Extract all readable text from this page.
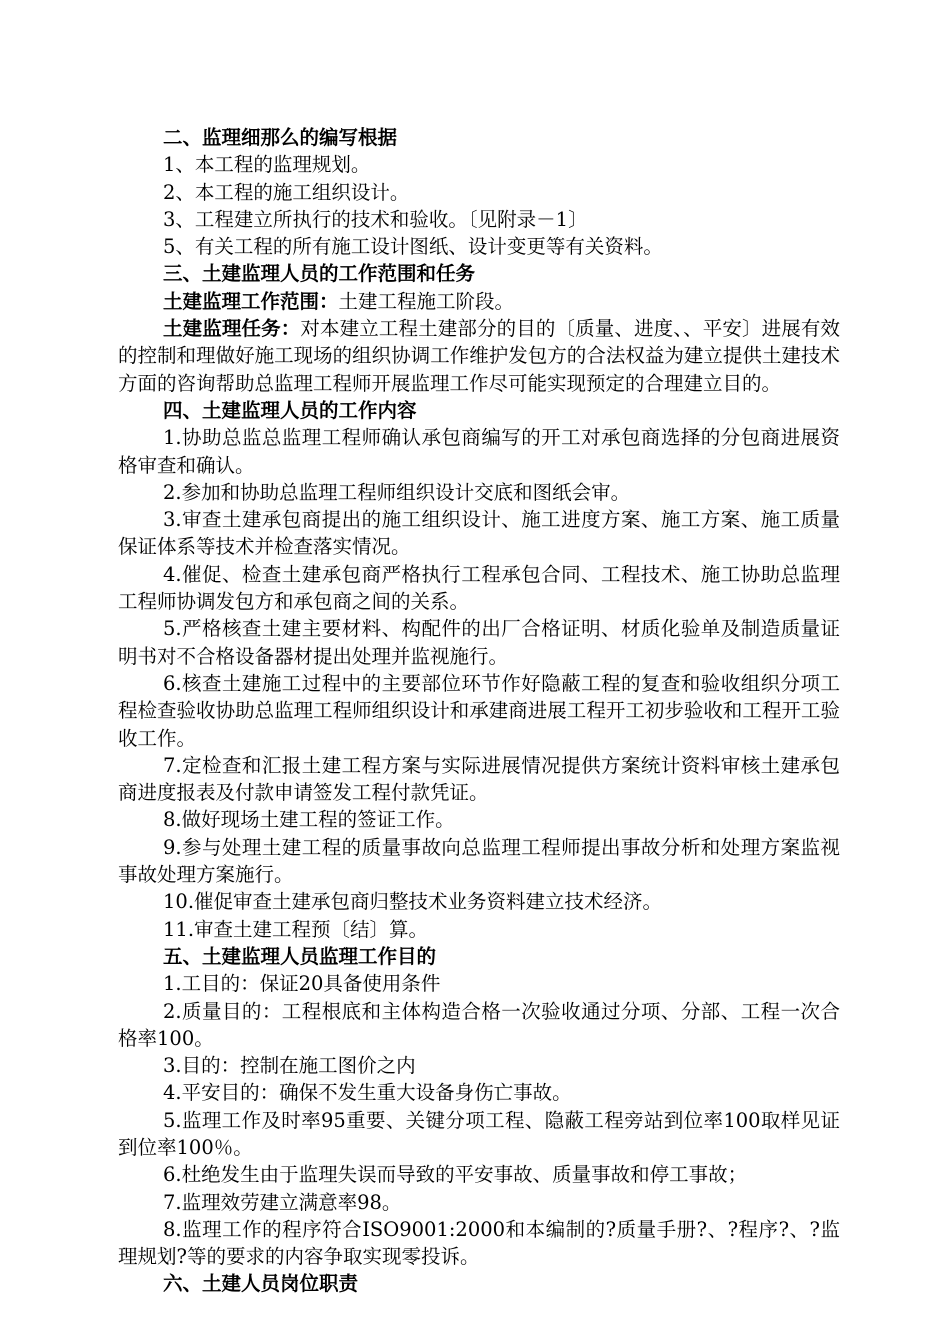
二、监理细那么的编写根据

1、本工程的监理规划。

2、本工程的施工组织设计。

3、工程建立所执行的技术和验收。〔见附录－1〕

5、有关工程的所有施工设计图纸、设计变更等有关资料。

三、土建监理人员的工作范围和任务

土建监理工作范围：土建工程施工阶段。

土建监理任务：对本建立工程土建部分的目的〔质量、进度、、平安〕进展有效的控制和理做好施工现场的组织协调工作维护发包方的合法权益为建立提供土建技术方面的咨询帮助总监理工程师开展监理工作尽可能实现预定的合理建立目的。

四、土建监理人员的工作内容

1.协助总监总监理工程师确认承包商编写的开工对承包商选择的分包商进展资格审查和确认。

2.参加和协助总监理工程师组织设计交底和图纸会审。

3.审查土建承包商提出的施工组织设计、施工进度方案、施工方案、施工质量保证体系等技术并检查落实情况。

4.催促、检查土建承包商严格执行工程承包合同、工程技术、施工协助总监理工程师协调发包方和承包商之间的关系。

5.严格核查土建主要材料、构配件的出厂合格证明、材质化验单及制造质量证明书对不合格设备器材提出处理并监视施行。

6.核查土建施工过程中的主要部位环节作好隐蔽工程的复查和验收组织分项工程检查验收协助总监理工程师组织设计和承建商进展工程开工初步验收和工程开工验收工作。

7.定检查和汇报土建工程方案与实际进展情况提供方案统计资料审核土建承包商进度报表及付款申请签发工程付款凭证。

8.做好现场土建工程的签证工作。

9.参与处理土建工程的质量事故向总监理工程师提出事故分析和处理方案监视事故处理方案施行。

10.催促审查土建承包商归整技术业务资料建立技术经济。

11.审查土建工程预〔结〕算。

五、土建监理人员监理工作目的

1.工目的：保证20具备使用条件

2.质量目的：工程根底和主体构造合格一次验收通过分项、分部、工程一次合格率100。

3.目的：控制在施工图价之内

4.平安目的：确保不发生重大设备身伤亡事故。

5.监理工作及时率95重要、关键分项工程、隐蔽工程旁站到位率100取样见证到位率100％。

6.杜绝发生由于监理失误而导致的平安事故、质量事故和停工事故；

7.监理效劳建立满意率98。

8.监理工作的程序符合ISO9001:2000和本编制的?质量手册?、?程序?、?监理规划?等的要求的内容争取实现零投诉。

六、土建人员岗位职责
